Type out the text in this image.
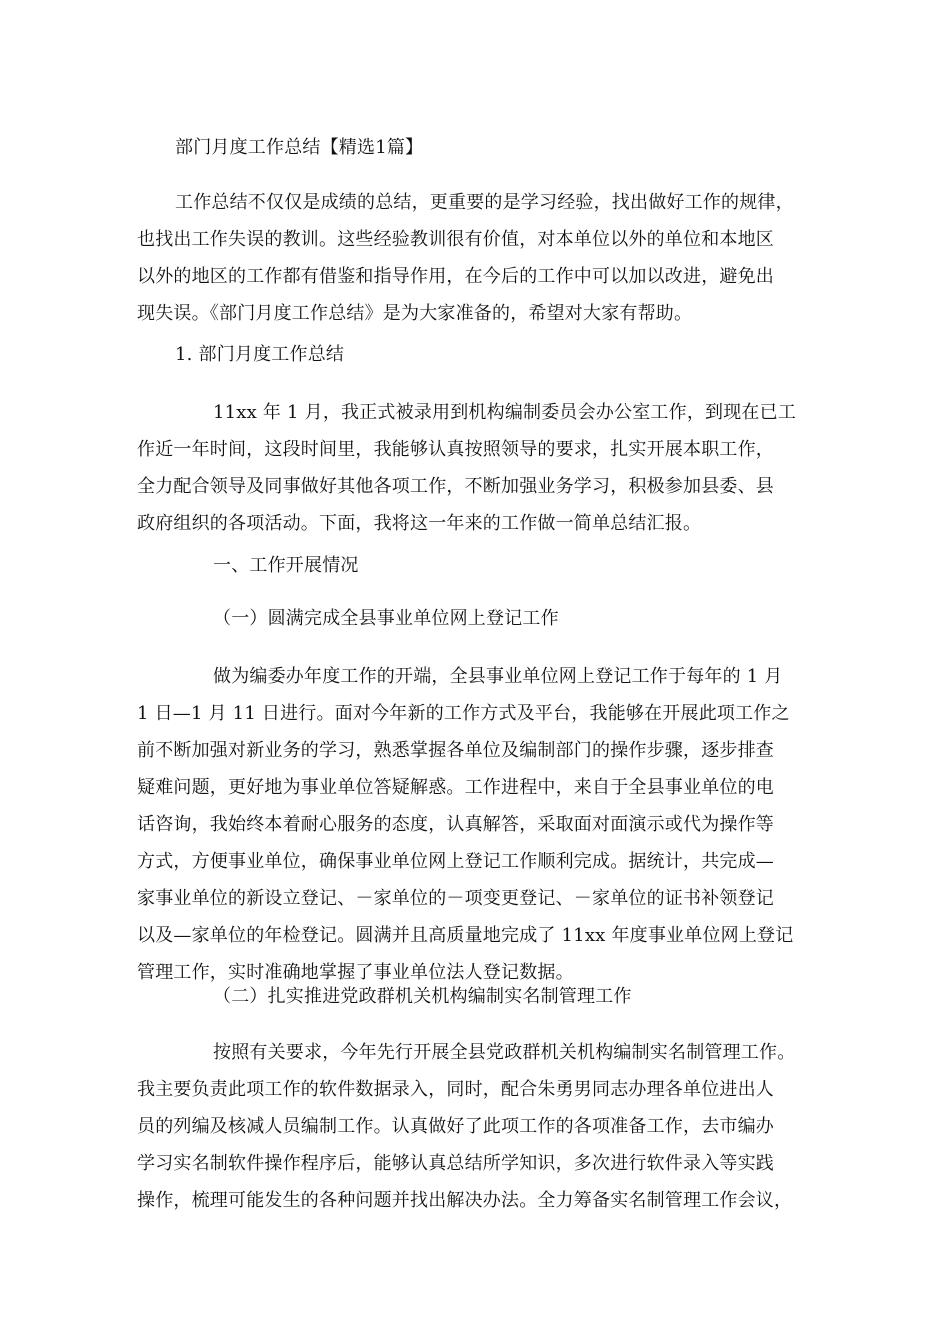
部门月度工作总结【精选1篇】
工作总结不仅仅是成绩的总结，更重要的是学习经验，找出做好工作的规律，
也找出工作失误的教训。这些经验教训很有价值，对本单位以外的单位和本地区
以外的地区的工作都有借鉴和指导作用，在今后的工作中可以加以改进，避免出
现失误。《部门月度工作总结》是为大家准备的，希望对大家有帮助。
1. 部门月度工作总结
11xx 年 1 月，我正式被录用到机构编制委员会办公室工作，到现在已工
作近一年时间，这段时间里，我能够认真按照领导的要求，扎实开展本职工作，
全力配合领导及同事做好其他各项工作，不断加强业务学习，积极参加县委、县
政府组织的各项活动。下面，我将这一年来的工作做一简单总结汇报。
一、工作开展情况
（一）圆满完成全县事业单位网上登记工作
做为编委办年度工作的开端，全县事业单位网上登记工作于每年的 1 月
1 日—1 月 11 日进行。面对今年新的工作方式及平台，我能够在开展此项工作之
前不断加强对新业务的学习，熟悉掌握各单位及编制部门的操作步骤，逐步排查
疑难问题，更好地为事业单位答疑解惑。工作进程中，来自于全县事业单位的电
话咨询，我始终本着耐心服务的态度，认真解答，采取面对面演示或代为操作等
方式，方便事业单位，确保事业单位网上登记工作顺利完成。据统计，共完成—
家事业单位的新设立登记、－家单位的－项变更登记、－家单位的证书补领登记
以及—家单位的年检登记。圆满并且高质量地完成了 11xx 年度事业单位网上登记
管理工作，实时准确地掌握了事业单位法人登记数据。
（二）扎实推进党政群机关机构编制实名制管理工作
按照有关要求，今年先行开展全县党政群机关机构编制实名制管理工作。
我主要负责此项工作的软件数据录入，同时，配合朱勇男同志办理各单位进出人
员的列编及核减人员编制工作。认真做好了此项工作的各项准备工作，去市编办
学习实名制软件操作程序后，能够认真总结所学知识，多次进行软件录入等实践
操作，梳理可能发生的各种问题并找出解决办法。全力筹备实名制管理工作会议，
